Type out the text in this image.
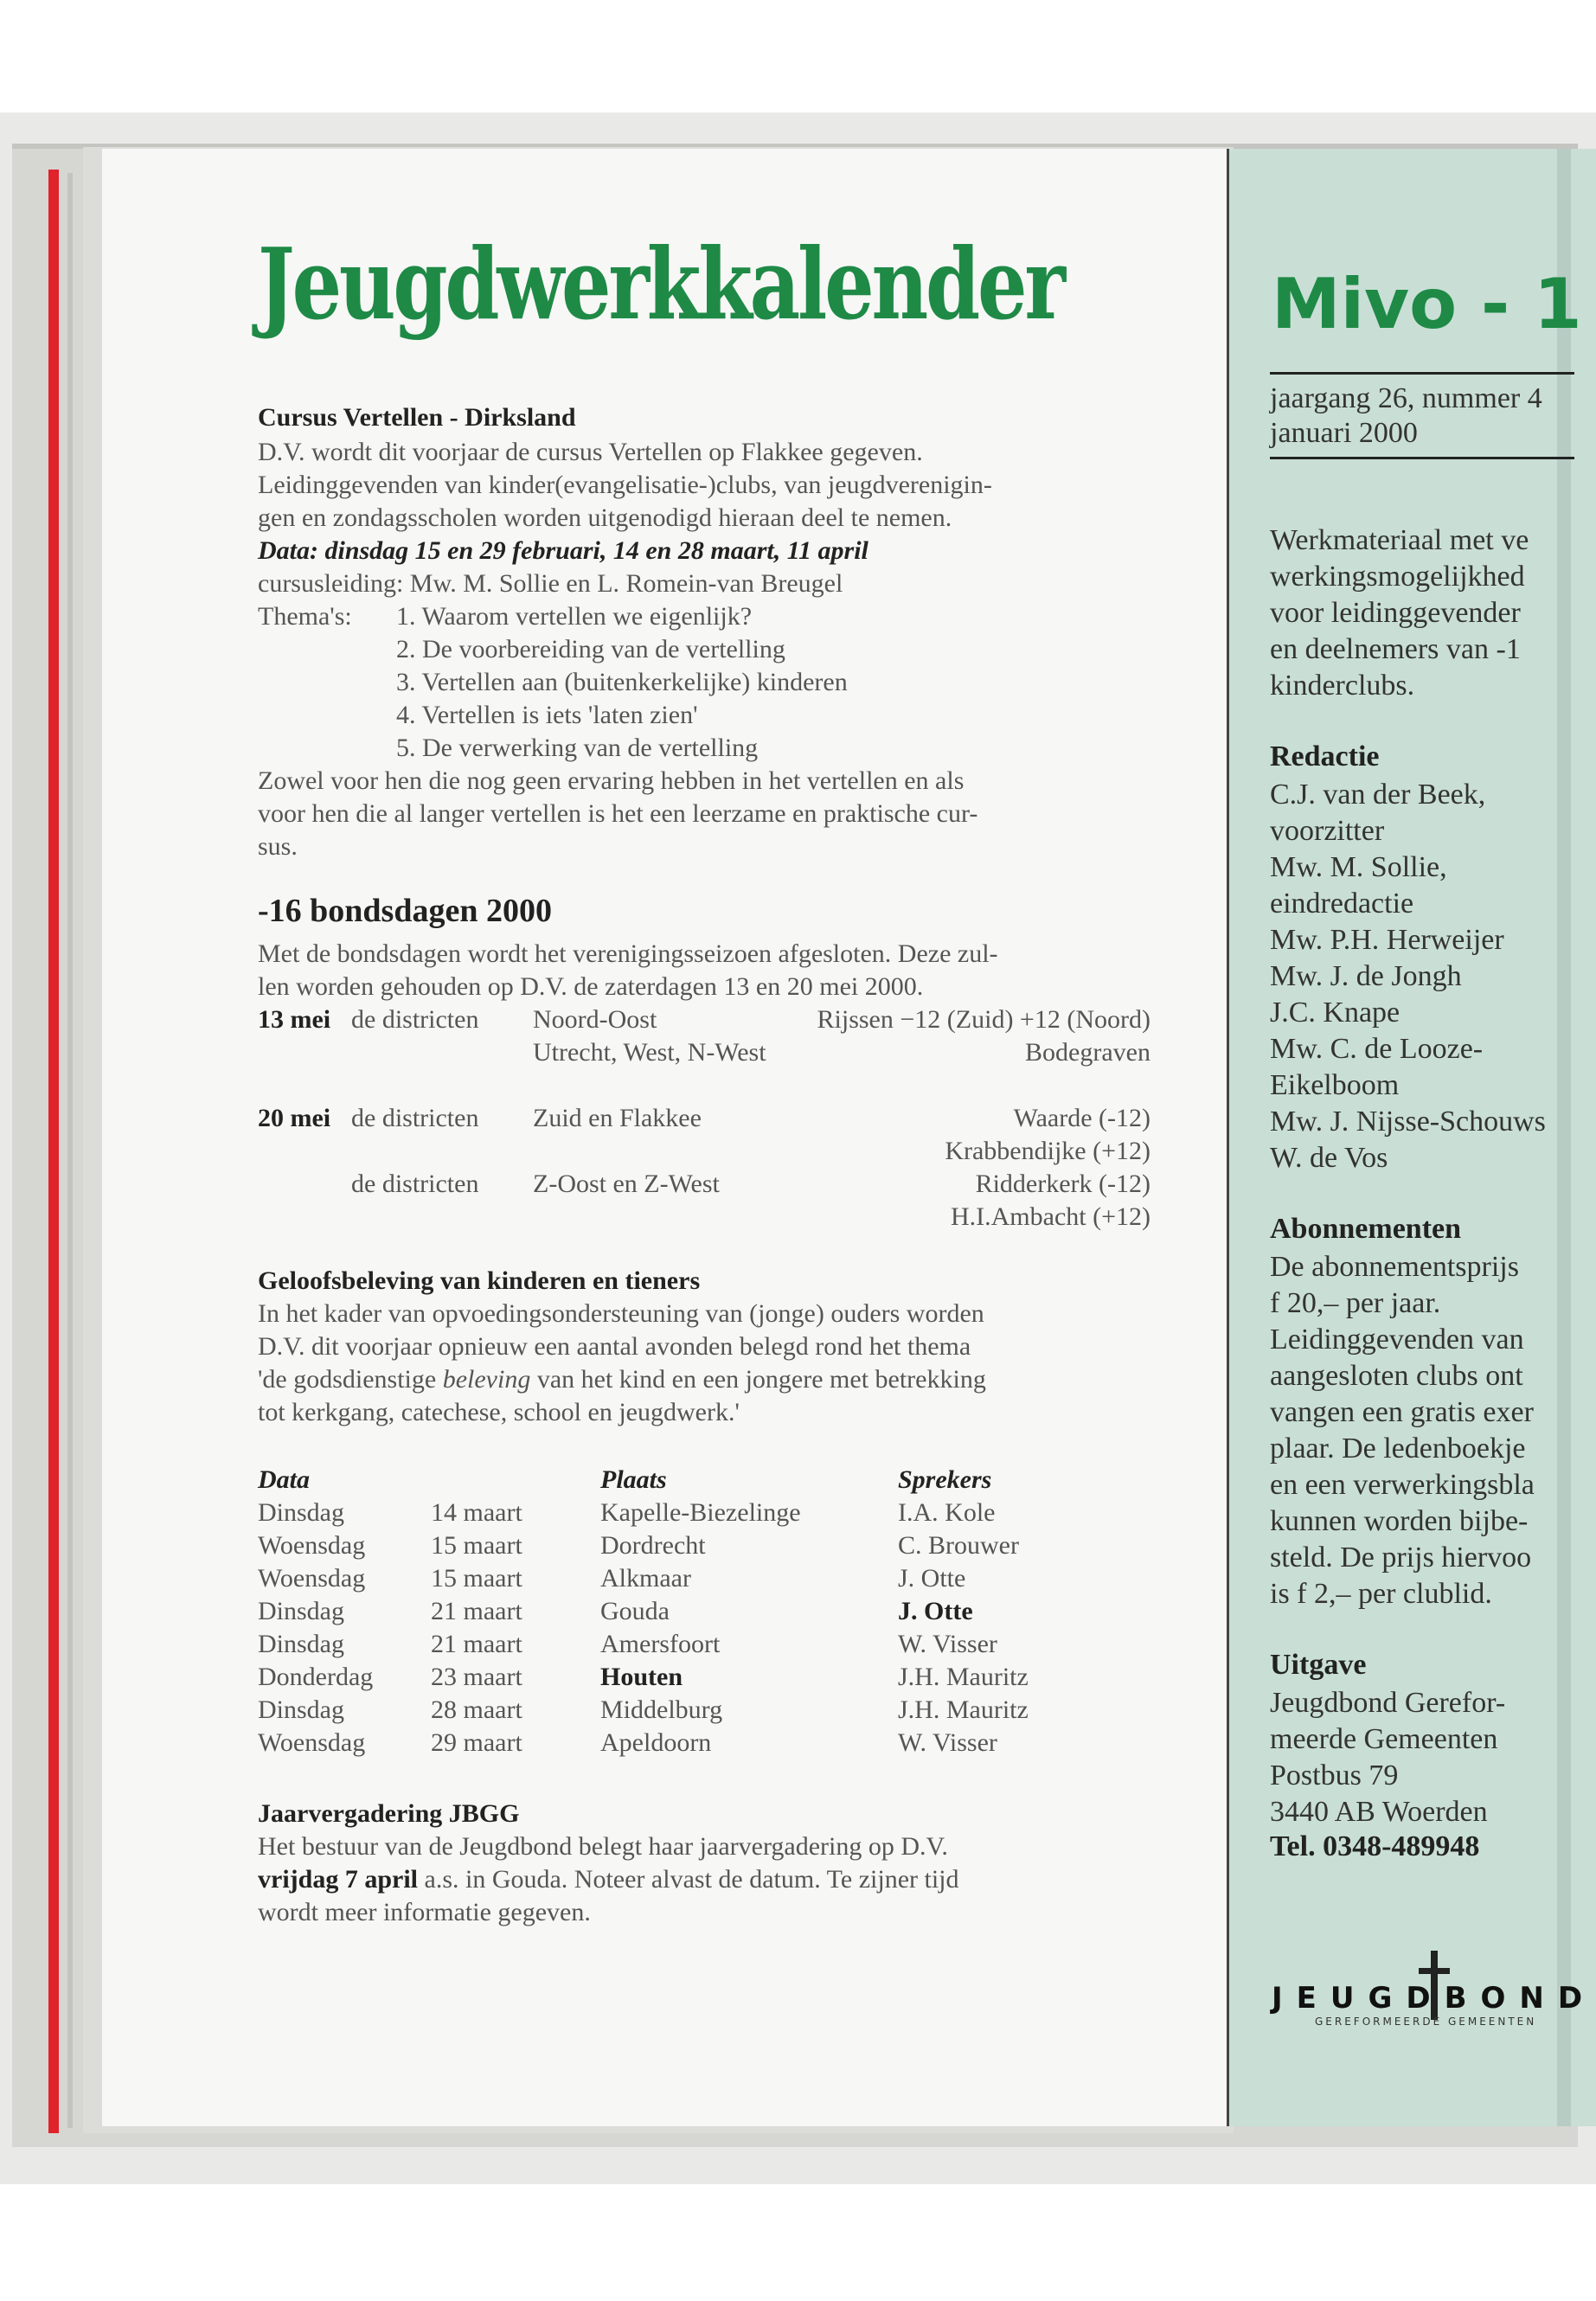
Jeugdwerkkalender
Cursus Vertellen - Dirksland
D.V. wordt dit voorjaar de cursus Vertellen op Flakkee gegeven.
Leidinggevenden van kinder(evangelisatie-)clubs, van jeugdverenigin-
gen en zondagsscholen worden uitgenodigd hieraan deel te nemen.
Data: dinsdag 15 en 29 februari, 14 en 28 maart, 11 april
cursusleiding: Mw. M. Sollie en L. Romein-van Breugel
Thema's: 1. Waarom vertellen we eigenlijk?
2. De voorbereiding van de vertelling
3. Vertellen aan (buitenkerkelijke) kinderen
4. Vertellen is iets 'laten zien'
5. De verwerking van de vertelling
Zowel voor hen die nog geen ervaring hebben in het vertellen en als
voor hen die al langer vertellen is het een leerzame en praktische cur-
sus.
-16 bondsdagen 2000
Met de bondsdagen wordt het verenigingsseizoen afgesloten. Deze zul-
len worden gehouden op D.V. de zaterdagen 13 en 20 mei 2000.
13 mei de districten Noord-Oost	Rijssen −12 (Zuid) +12 (Noord)
Utrecht, West, N-West	Bodegraven
20 mei de districten Zuid en Flakkee	Waarde (-12)
Krabbendijke (+12)
de districten Z-Oost en Z-West	Ridderkerk (-12)
H.I.Ambacht (+12)
Geloofsbeleving van kinderen en tieners
In het kader van opvoedingsondersteuning van (jonge) ouders worden
D.V. dit voorjaar opnieuw een aantal avonden belegd rond het thema
'de godsdienstige beleving van het kind en een jongere met betrekking
tot kerkgang, catechese, school en jeugdwerk.'
Data	Plaats	Sprekers
Dinsdag	14 maart	Kapelle-Biezelinge	I.A. Kole
Woensdag	15 maart	Dordrecht	C. Brouwer
Woensdag	15 maart	Alkmaar	J. Otte
Dinsdag	21 maart	Gouda	J. Otte
Dinsdag	21 maart	Amersfoort	W. Visser
Donderdag 23 maart	Houten	J.H. Mauritz
Dinsdag	28 maart	Middelburg	J.H. Mauritz
Woensdag	29 maart	Apeldoorn	W. Visser
Jaarvergadering JBGG
Het bestuur van de Jeugdbond belegt haar jaarvergadering op D.V.
vrijdag 7 april a.s. in Gouda. Noteer alvast de datum. Te zijner tijd
wordt meer informatie gegeven.
Mivo - 1
jaargang 26, nummer 4
januari 2000
Werkmateriaal met ve
werkingsmogelijkhed
voor leidinggevender
en deelnemers van -1
kinderclubs.
Redactie
C.J. van der Beek,
voorzitter
Mw. M. Sollie,
eindredactie
Mw. P.H. Herweijer
Mw. J. de Jongh
J.C. Knape
Mw. C. de Looze-
Eikelboom
Mw. J. Nijsse-Schouws
W. de Vos
Abonnementen
De abonnementsprijs
f 20,– per jaar.
Leidinggevenden van
aangesloten clubs ont
vangen een gratis exer
plaar. De ledenboekje
en een verwerkingsbla
kunnen worden bijbe-
steld. De prijs hiervoo
is f 2,– per clublid.
Uitgave
Jeugdbond Gerefor-
meerde Gemeenten
Postbus 79
3440 AB Woerden
Tel. 0348-489948
JEUGDBOND
GEREFORMEERDE GEMEENTEN
